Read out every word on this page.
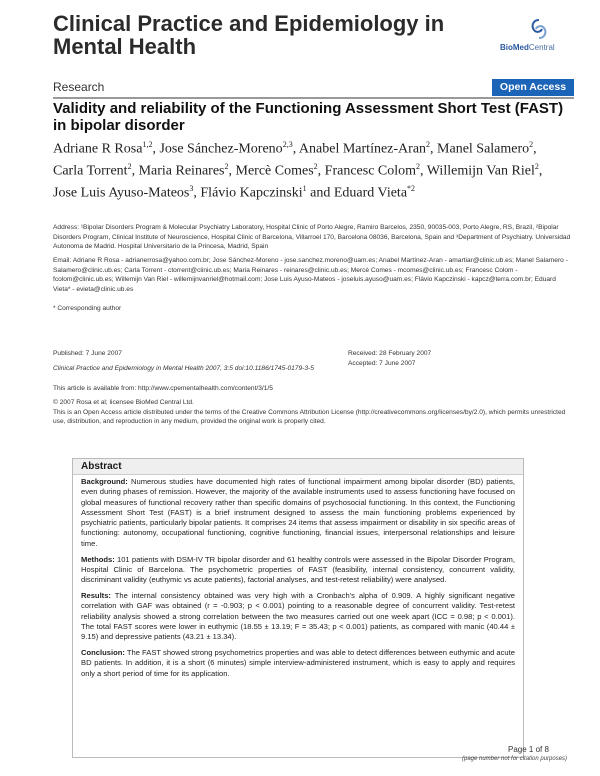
Clinical Practice and Epidemiology in Mental Health	BioMedCentral
Research	Open Access
Validity and reliability of the Functioning Assessment Short Test (FAST) in bipolar disorder
Adriane R Rosa$^{1,2}$, Jose Sánchez-Moreno$^{2,3}$, Anabel Martínez-Aran$^2$, Manel Salamero$^2$, Carla Torrent$^2$, Maria Reinares$^2$, Mercè Comes$^2$, Francesc Colom$^2$, Willemijn Van Riel$^2$, Jose Luis Ayuso-Mateos$^3$, Flávio Kapczinski$^1$ and Eduard Vieta$^{*2}$
Address: ¹Bipolar Disorders Program & Molecular Psychiatry Laboratory, Hospital Clinic of Porto Alegre, Ramiro Barcelos, 2350, 90035-003, Porto Alegre, RS, Brazil, ²Bipolar Disorders Program, Clinical Institute of Neuroscience, Hospital Clinic of Barcelona, Villarroel 170, Barcelona 08036, Barcelona, Spain and ³Department of Psychiatry. Universidad Autonoma de Madrid. Hospital Universitario de la Princesa, Madrid, Spain
Email: Adriane R Rosa - adrianerrosa@yahoo.com.br; Jose Sánchez-Moreno - jose.sanchez.moreno@uam.es; Anabel Martínez-Aran - amartiar@clinic.ub.es; Manel Salamero - Salamero@clinic.ub.es; Carla Torrent - ctorrent@clinic.ub.es; Maria Reinares - reinares@clinic.ub.es; Mercè Comes - mcomes@clinic.ub.es; Francesc Colom - fcolom@clinic.ub.es; Willemijn Van Riel - willemijnvanriel@hotmail.com; Jose Luis Ayuso-Mateos - joseluis.ayuso@uam.es; Flávio Kapczinski - kapcz@terra.com.br; Eduard Vieta* - evieta@clinic.ub.es
* Corresponding author
Published: 7 June 2007
Clinical Practice and Epidemiology in Mental Health 2007, 3:5 doi:10.1186/1745-0179-3-5
Received: 28 February 2007
Accepted: 7 June 2007
This article is available from: http://www.cpementalhealth.com/content/3/1/5
© 2007 Rosa et al; licensee BioMed Central Ltd.
This is an Open Access article distributed under the terms of the Creative Commons Attribution License (http://creativecommons.org/licenses/by/2.0), which permits unrestricted use, distribution, and reproduction in any medium, provided the original work is properly cited.
Abstract

Background: Numerous studies have documented high rates of functional impairment among bipolar disorder (BD) patients, even during phases of remission. However, the majority of the available instruments used to assess functioning have focused on global measures of functional recovery rather than specific domains of psychosocial functioning. In this context, the Functioning Assessment Short Test (FAST) is a brief instrument designed to assess the main functioning problems experienced by psychiatric patients, particularly bipolar patients. It comprises 24 items that assess impairment or disability in six specific areas of functioning: autonomy, occupational functioning, cognitive functioning, financial issues, interpersonal relationships and leisure time.

Methods: 101 patients with DSM-IV TR bipolar disorder and 61 healthy controls were assessed in the Bipolar Disorder Program, Hospital Clinic of Barcelona. The psychometric properties of FAST (feasibility, internal consistency, concurrent validity, discriminant validity (euthymic vs acute patients), factorial analyses, and test-retest reliability) were analysed.

Results: The internal consistency obtained was very high with a Cronbach's alpha of 0.909. A highly significant negative correlation with GAF was obtained (r = -0.903; p < 0.001) pointing to a reasonable degree of concurrent validity. Test-retest reliability analysis showed a strong correlation between the two measures carried out one week apart (ICC = 0.98; p < 0.001). The total FAST scores were lower in euthymic (18.55 ± 13.19; F = 35.43; p < 0.001) patients, as compared with manic (40.44 ± 9.15) and depressive patients (43.21 ± 13.34).

Conclusion: The FAST showed strong psychometrics properties and was able to detect differences between euthymic and acute BD patients. In addition, it is a short (6 minutes) simple interview-administered instrument, which is easy to apply and requires only a short period of time for its application.

Page 1 of 8
(page number not for citation purposes)
